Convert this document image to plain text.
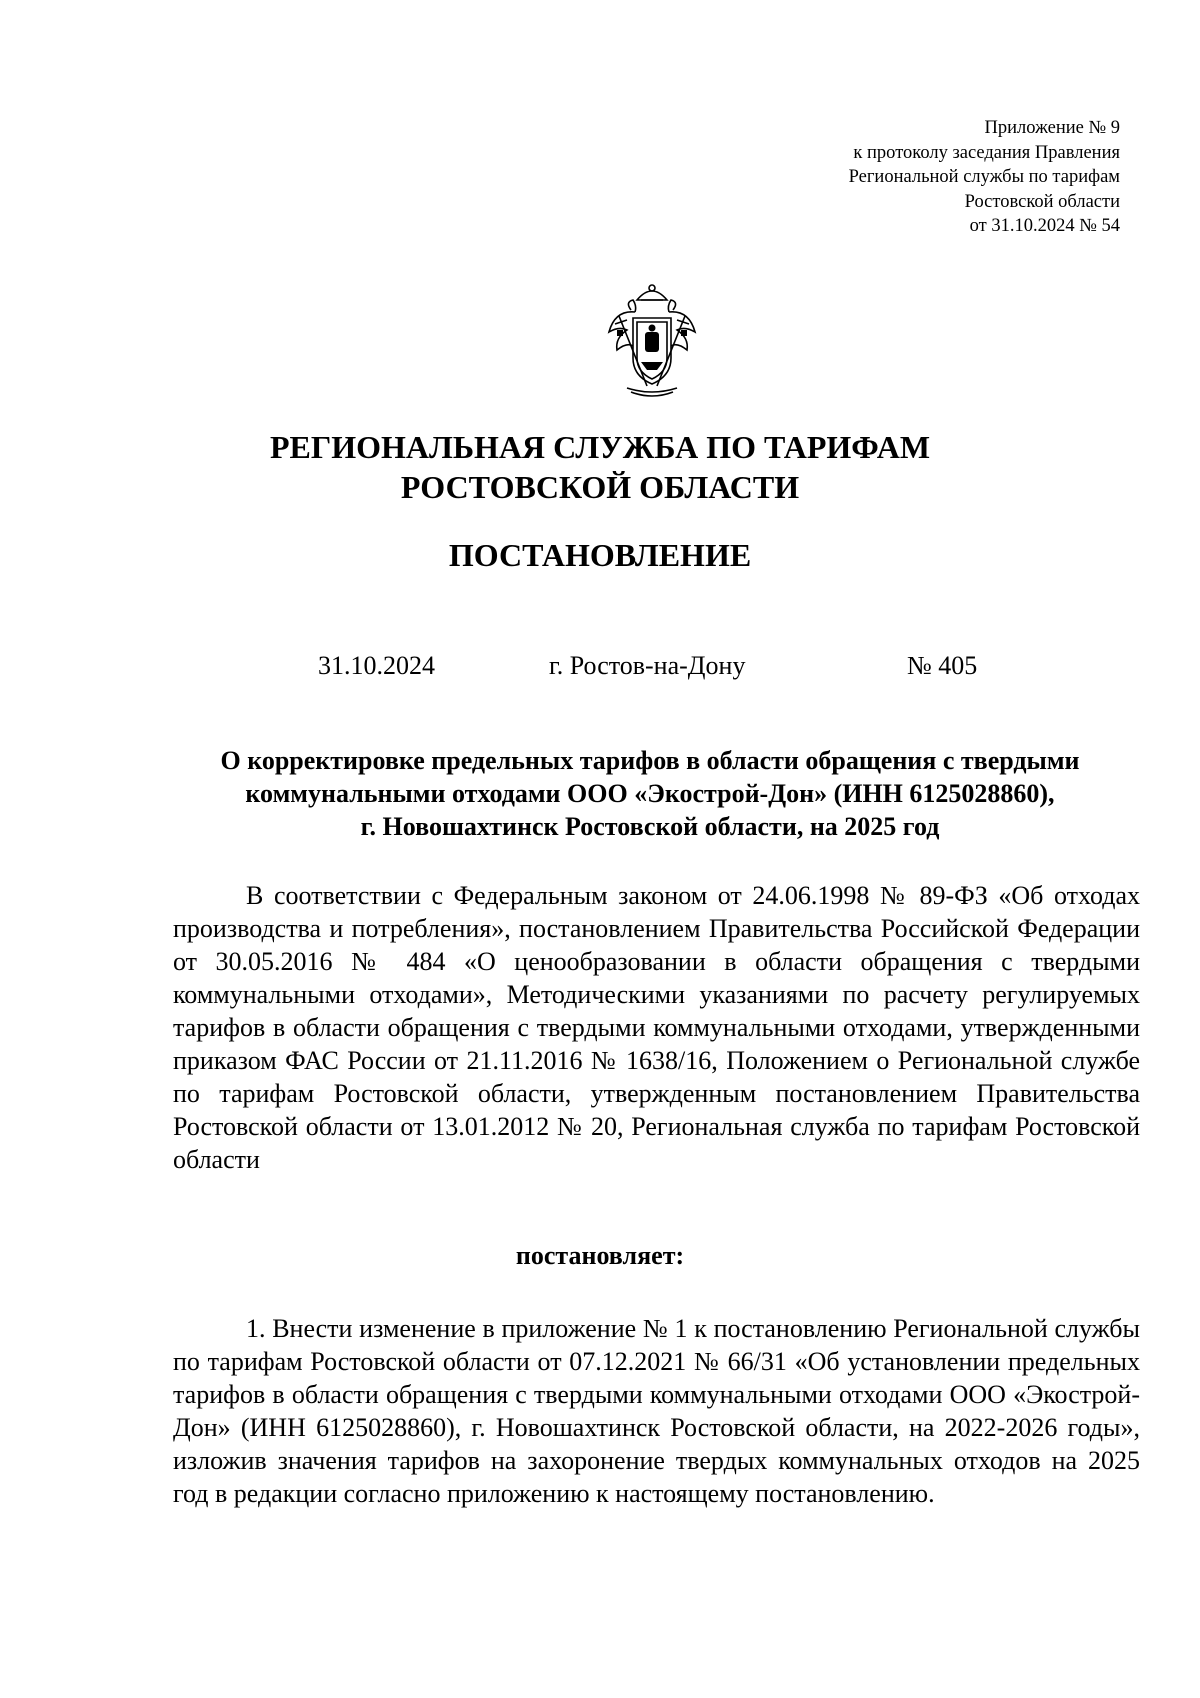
Приложение № 9
к протоколу заседания Правления
Региональной службы по тарифам
Ростовской области
от 31.10.2024 № 54
РЕГИОНАЛЬНАЯ СЛУЖБА ПО ТАРИФАМ
РОСТОВСКОЙ ОБЛАСТИ
ПОСТАНОВЛЕНИЕ
31.10.2024	г. Ростов-на-Дону	№ 405
О корректировке предельных тарифов в области обращения с твердыми
коммунальными отходами ООО «Экострой-Дон» (ИНН 6125028860),
г. Новошахтинск Ростовской области, на 2025 год

В соответствии с Федеральным законом от 24.06.1998 № 89-ФЗ «Об отходах производства и потребления», постановлением Правительства Российской Федерации от 30.05.2016 № 484 «О ценообразовании в области обращения с твердыми коммунальными отходами», Методическими указаниями по расчету регулируемых тарифов в области обращения с твердыми коммунальными отходами, утвержденными приказом ФАС России от 21.11.2016 № 1638/16, Положением о Региональной службе по тарифам Ростовской области, утвержденным постановлением Правительства Ростовской области от 13.01.2012 № 20, Региональная служба по тарифам Ростовской области

постановляет:

1. Внести изменение в приложение № 1 к постановлению Региональной службы по тарифам Ростовской области от 07.12.2021 № 66/31 «Об установлении предельных тарифов в области обращения с твердыми коммунальными отходами ООО «Экострой-Дон» (ИНН 6125028860), г. Новошахтинск Ростовской области, на 2022-2026 годы», изложив значения тарифов на захоронение твердых коммунальных отходов на 2025 год в редакции согласно приложению к настоящему постановлению.
